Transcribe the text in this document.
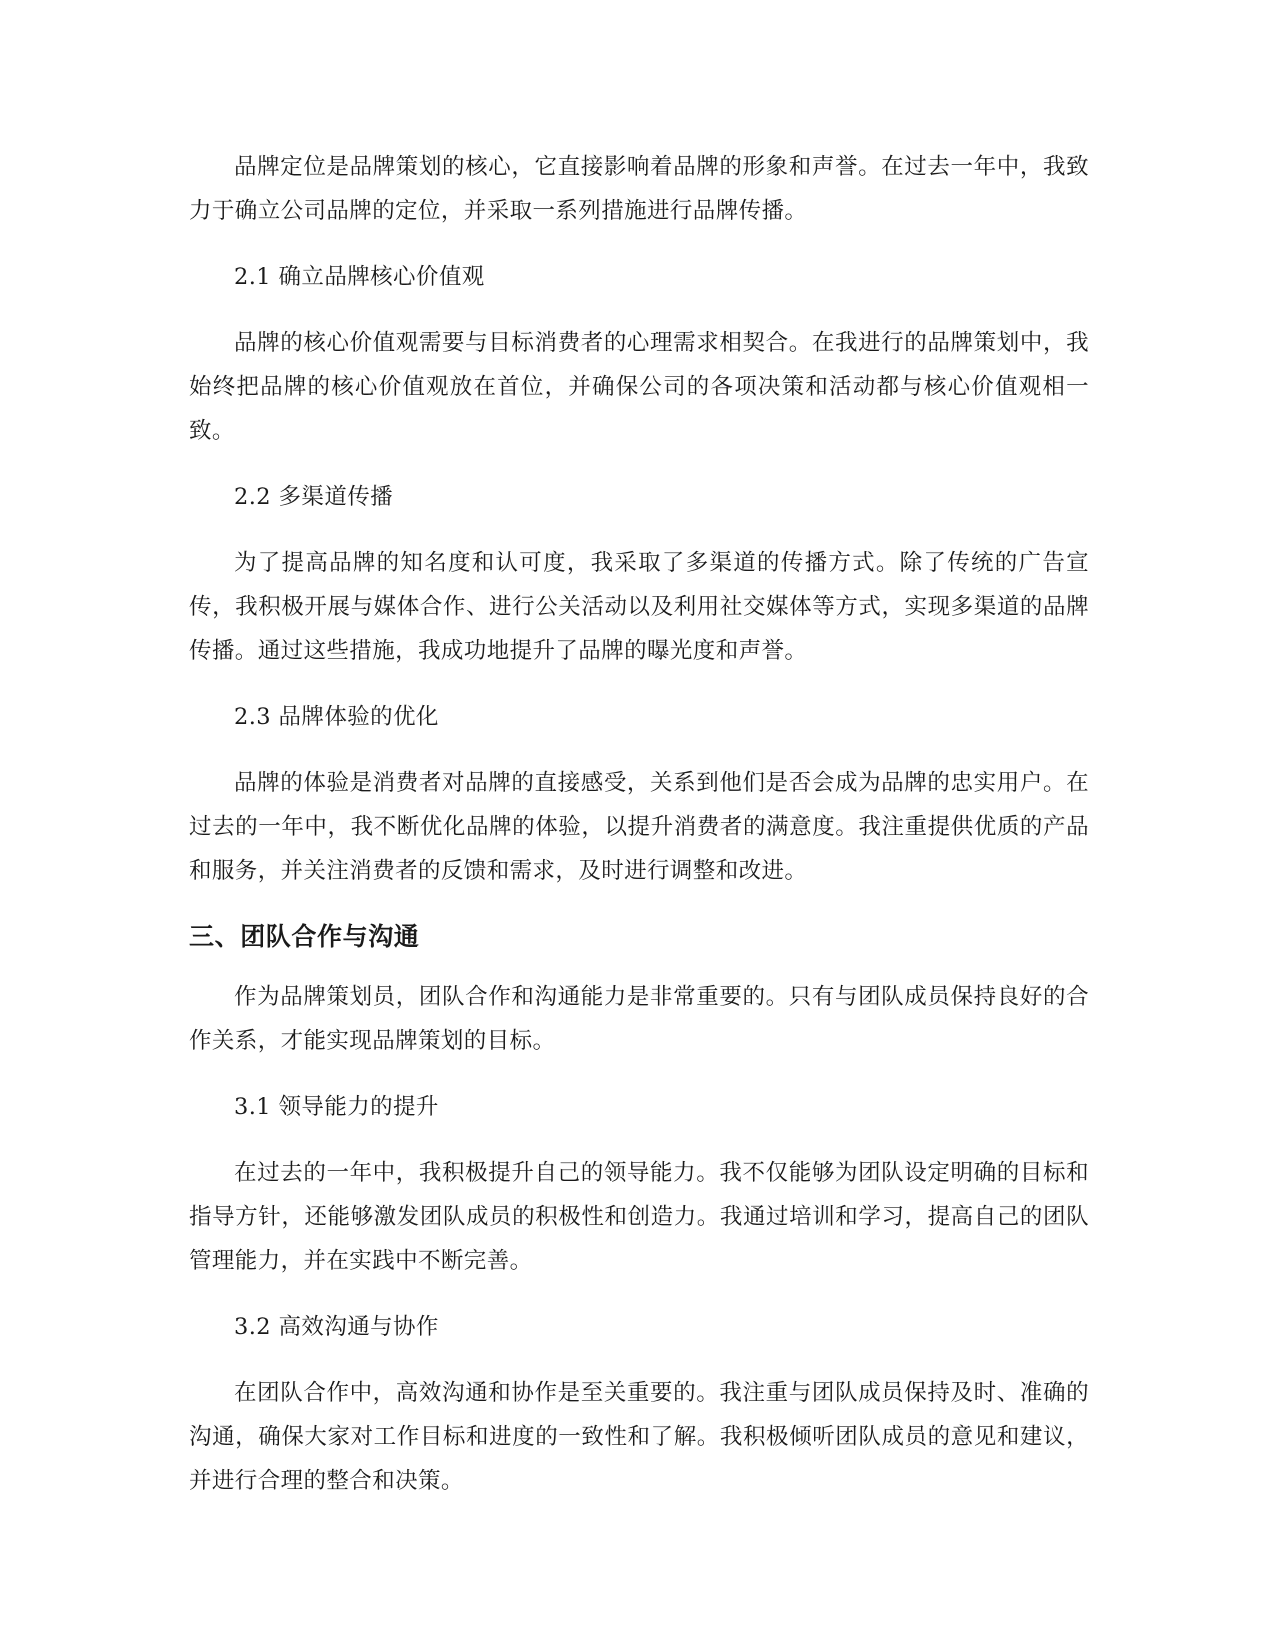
品牌定位是品牌策划的核心，它直接影响着品牌的形象和声誉。在过去一年中，我致力于确立公司品牌的定位，并采取一系列措施进行品牌传播。

2.1 确立品牌核心价值观

品牌的核心价值观需要与目标消费者的心理需求相契合。在我进行的品牌策划中，我始终把品牌的核心价值观放在首位，并确保公司的各项决策和活动都与核心价值观相一致。

2.2 多渠道传播

为了提高品牌的知名度和认可度，我采取了多渠道的传播方式。除了传统的广告宣传，我积极开展与媒体合作、进行公关活动以及利用社交媒体等方式，实现多渠道的品牌传播。通过这些措施，我成功地提升了品牌的曝光度和声誉。

2.3 品牌体验的优化

品牌的体验是消费者对品牌的直接感受，关系到他们是否会成为品牌的忠实用户。在过去的一年中，我不断优化品牌的体验，以提升消费者的满意度。我注重提供优质的产品和服务，并关注消费者的反馈和需求，及时进行调整和改进。

三、团队合作与沟通

作为品牌策划员，团队合作和沟通能力是非常重要的。只有与团队成员保持良好的合作关系，才能实现品牌策划的目标。

3.1 领导能力的提升

在过去的一年中，我积极提升自己的领导能力。我不仅能够为团队设定明确的目标和指导方针，还能够激发团队成员的积极性和创造力。我通过培训和学习，提高自己的团队管理能力，并在实践中不断完善。

3.2 高效沟通与协作

在团队合作中，高效沟通和协作是至关重要的。我注重与团队成员保持及时、准确的沟通，确保大家对工作目标和进度的一致性和了解。我积极倾听团队成员的意见和建议，并进行合理的整合和决策。
